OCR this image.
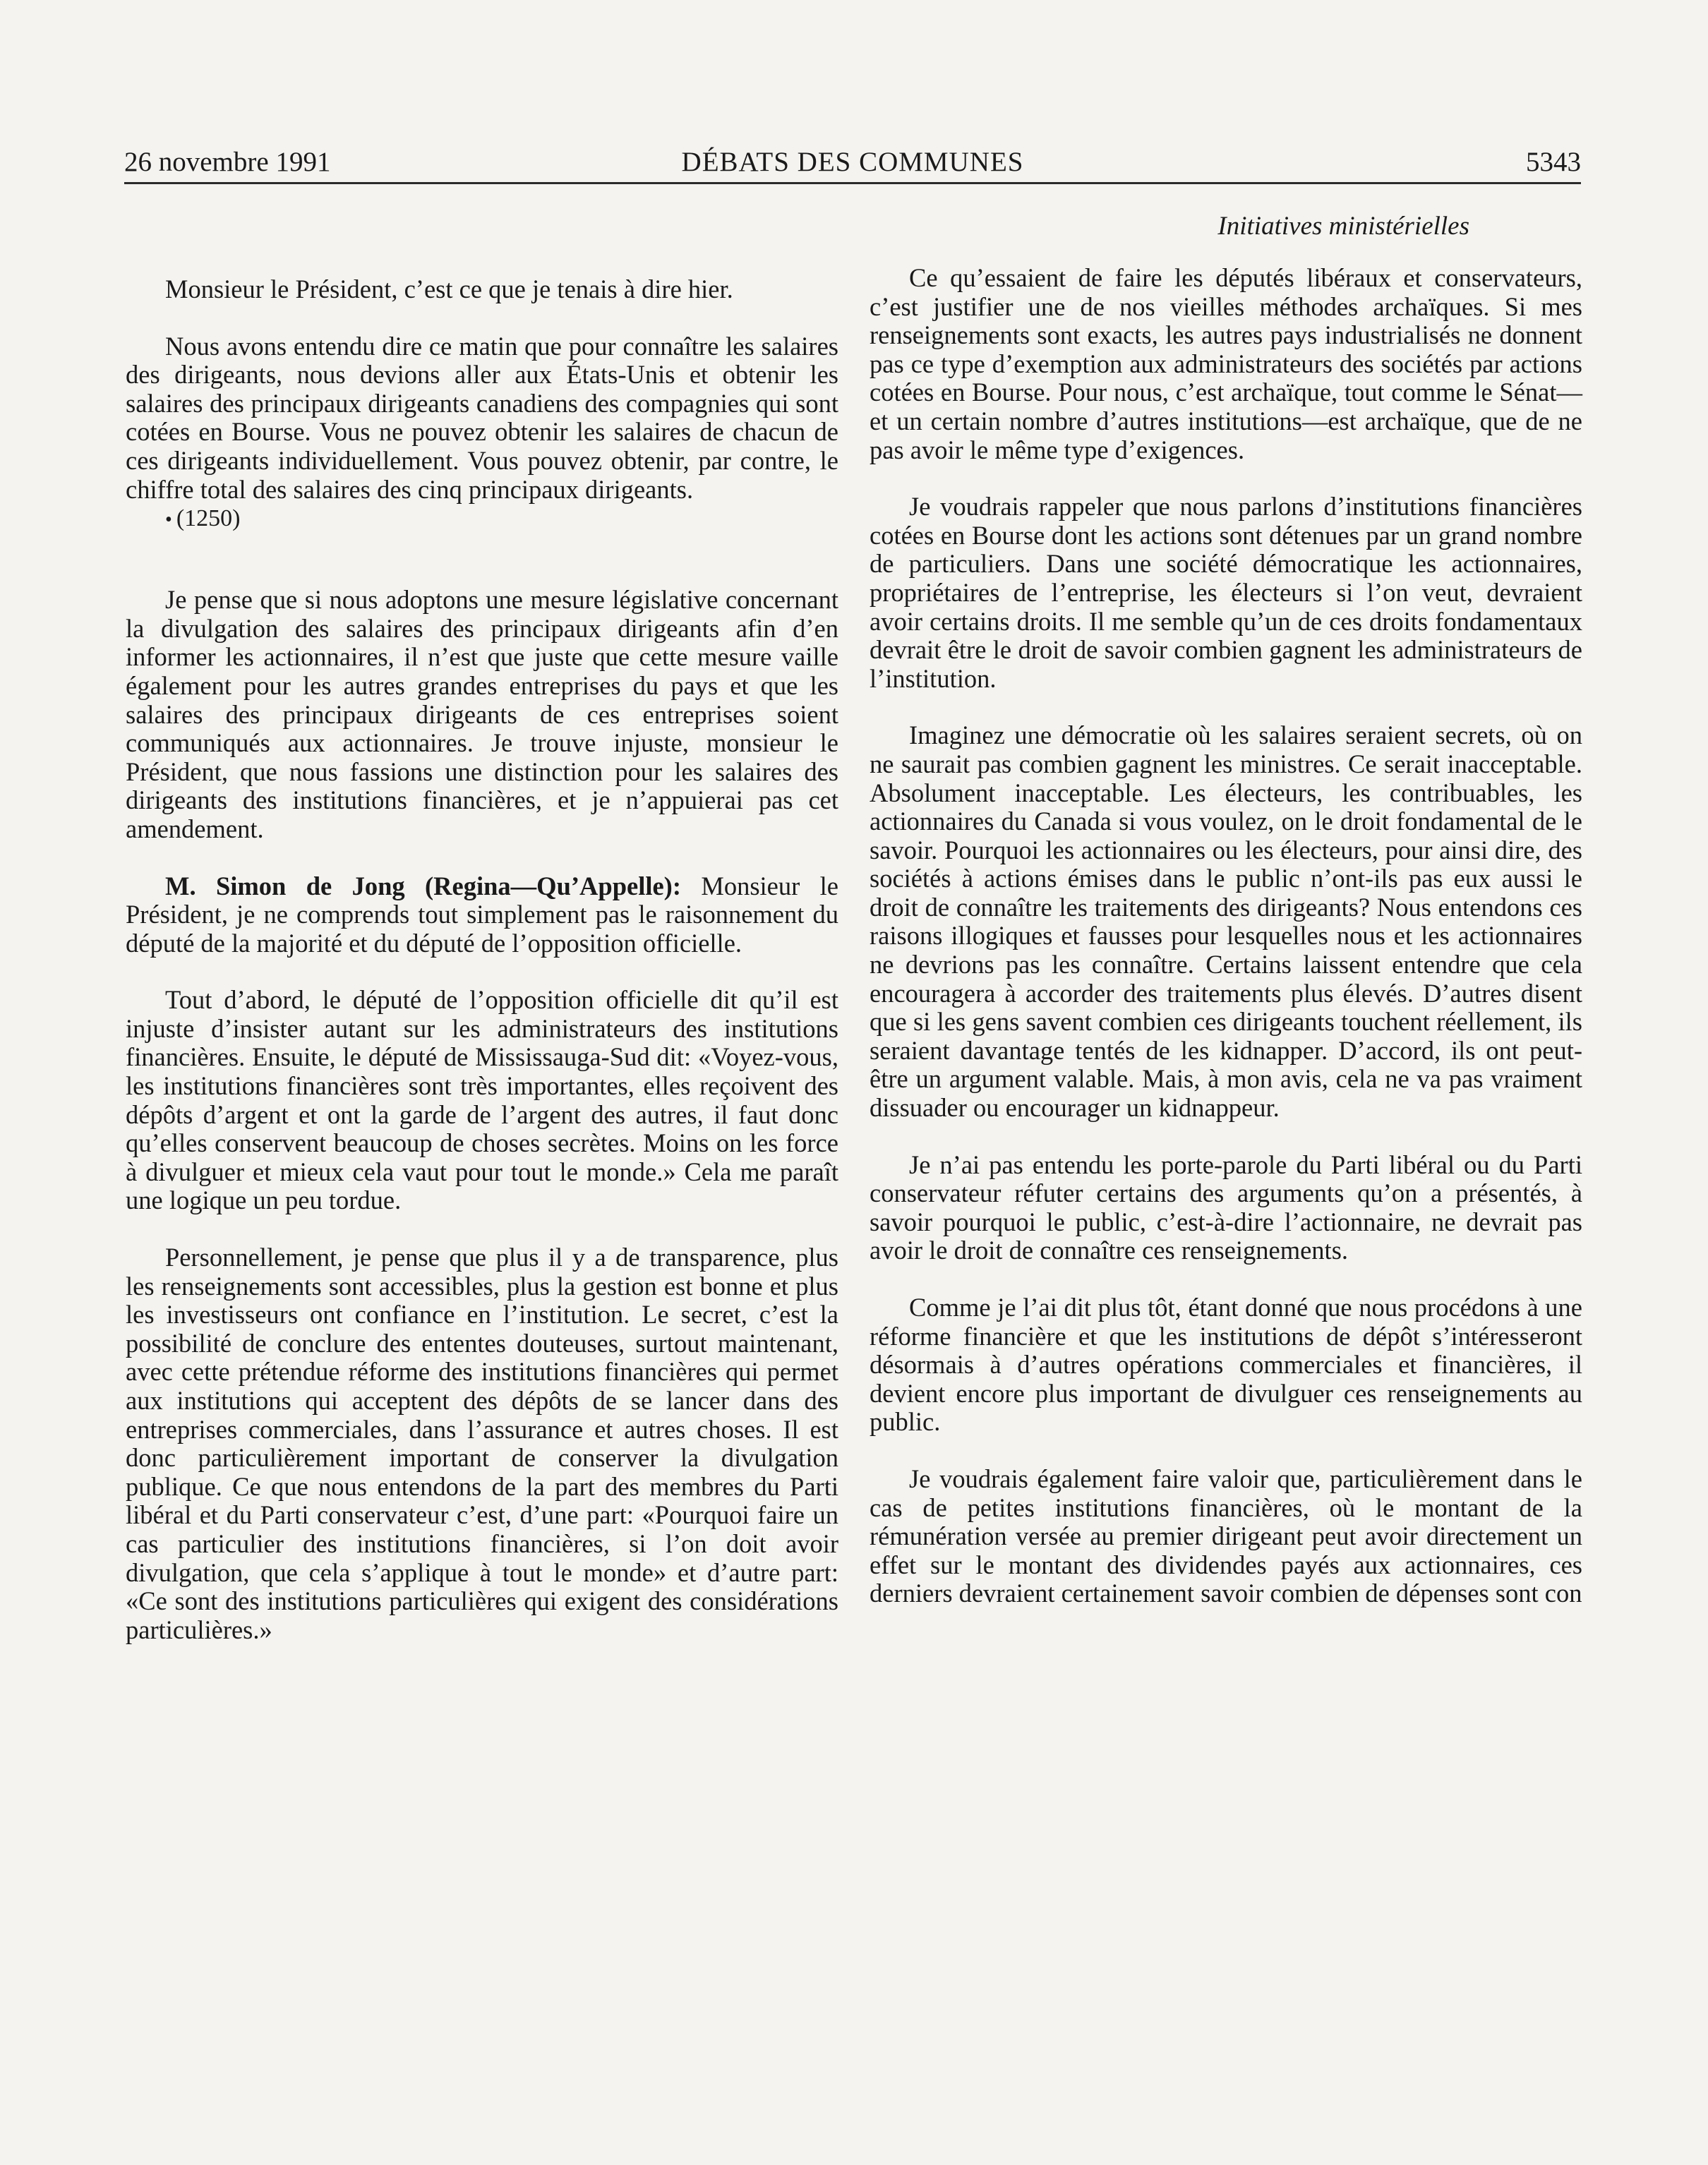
26 novembre 1991	DÉBATS DES COMMUNES	5343

Monsieur le Président, c’est ce que je tenais à dire hier.

Nous avons entendu dire ce matin que pour connaître les salaires des dirigeants, nous devions aller aux États-Unis et obtenir les salaires des principaux dirigeants canadiens des compagnies qui sont cotées en Bourse. Vous ne pouvez obtenir les salaires de chacun de ces dirigeants individuellement. Vous pouvez obtenir, par contre, le chiffre total des salaires des cinq principaux dirigeants.

• (1250)

Je pense que si nous adoptons une mesure législative concernant la divulgation des salaires des principaux dirigeants afin d’en informer les actionnaires, il n’est que juste que cette mesure vaille également pour les autres grandes entreprises du pays et que les salaires des principaux dirigeants de ces entreprises soient communiqués aux actionnaires. Je trouve injuste, monsieur le Président, que nous fassions une distinction pour les salaires des dirigeants des institutions financières, et je n’appuierai pas cet amendement.

M. Simon de Jong (Regina—Qu’Appelle): Monsieur le Président, je ne comprends tout simplement pas le raisonnement du député de la majorité et du député de l’opposition officielle.

Tout d’abord, le député de l’opposition officielle dit qu’il est injuste d’insister autant sur les administrateurs des institutions financières. Ensuite, le député de Mississauga-Sud dit: «Voyez-vous, les institutions financières sont très importantes, elles reçoivent des dépôts d’argent et ont la garde de l’argent des autres, il faut donc qu’elles conservent beaucoup de choses secrètes. Moins on les force à divulguer et mieux cela vaut pour tout le monde.» Cela me paraît une logique un peu tordue.

Personnellement, je pense que plus il y a de transparence, plus les renseignements sont accessibles, plus la gestion est bonne et plus les investisseurs ont confiance en l’institution. Le secret, c’est la possibilité de conclure des ententes douteuses, surtout maintenant, avec cette prétendue réforme des institutions financières qui permet aux institutions qui acceptent des dépôts de se lancer dans des entreprises commerciales, dans l’assurance et autres choses. Il est donc particulièrement important de conserver la divulgation publique. Ce que nous entendons de la part des membres du Parti libéral et du Parti conservateur c’est, d’une part: «Pourquoi faire un cas particulier des institutions financières, si l’on doit avoir divulgation, que cela s’applique à tout le monde» et d’autre part: «Ce sont des institutions particulières qui exigent des considérations particulières.»

Initiatives ministérielles

Ce qu’essaient de faire les députés libéraux et conservateurs, c’est justifier une de nos vieilles méthodes archaïques. Si mes renseignements sont exacts, les autres pays industrialisés ne donnent pas ce type d’exemption aux administrateurs des sociétés par actions cotées en Bourse. Pour nous, c’est archaïque, tout comme le Sénat—et un certain nombre d’autres institutions—est archaïque, que de ne pas avoir le même type d’exigences.

Je voudrais rappeler que nous parlons d’institutions financières cotées en Bourse dont les actions sont détenues par un grand nombre de particuliers. Dans une société démocratique les actionnaires, propriétaires de l’entreprise, les électeurs si l’on veut, devraient avoir certains droits. Il me semble qu’un de ces droits fondamentaux devrait être le droit de savoir combien gagnent les administrateurs de l’institution.

Imaginez une démocratie où les salaires seraient secrets, où on ne saurait pas combien gagnent les ministres. Ce serait inacceptable. Absolument inacceptable. Les électeurs, les contribuables, les actionnaires du Canada si vous voulez, on le droit fondamental de le savoir. Pourquoi les actionnaires ou les électeurs, pour ainsi dire, des sociétés à actions émises dans le public n’ont-ils pas eux aussi le droit de connaître les traitements des dirigeants? Nous entendons ces raisons illogiques et fausses pour lesquelles nous et les actionnaires ne devrions pas les connaître. Certains laissent entendre que cela encouragera à accorder des traitements plus élevés. D’autres disent que si les gens savent combien ces dirigeants touchent réellement, ils seraient davantage tentés de les kidnapper. D’accord, ils ont peut-être un argument valable. Mais, à mon avis, cela ne va pas vraiment dissuader ou encourager un kidnappeur.

Je n’ai pas entendu les porte-parole du Parti libéral ou du Parti conservateur réfuter certains des arguments qu’on a présentés, à savoir pourquoi le public, c’est-à-dire l’actionnaire, ne devrait pas avoir le droit de connaître ces renseignements.

Comme je l’ai dit plus tôt, étant donné que nous procédons à une réforme financière et que les institutions de dépôt s’intéresseront désormais à d’autres opérations commerciales et financières, il devient encore plus important de divulguer ces renseignements au public.

Je voudrais également faire valoir que, particulièrement dans le cas de petites institutions financières, où le montant de la rémunération versée au premier dirigeant peut avoir directement un effet sur le montant des dividendes payés aux actionnaires, ces derniers devraient certainement savoir combien de dépenses sont con
